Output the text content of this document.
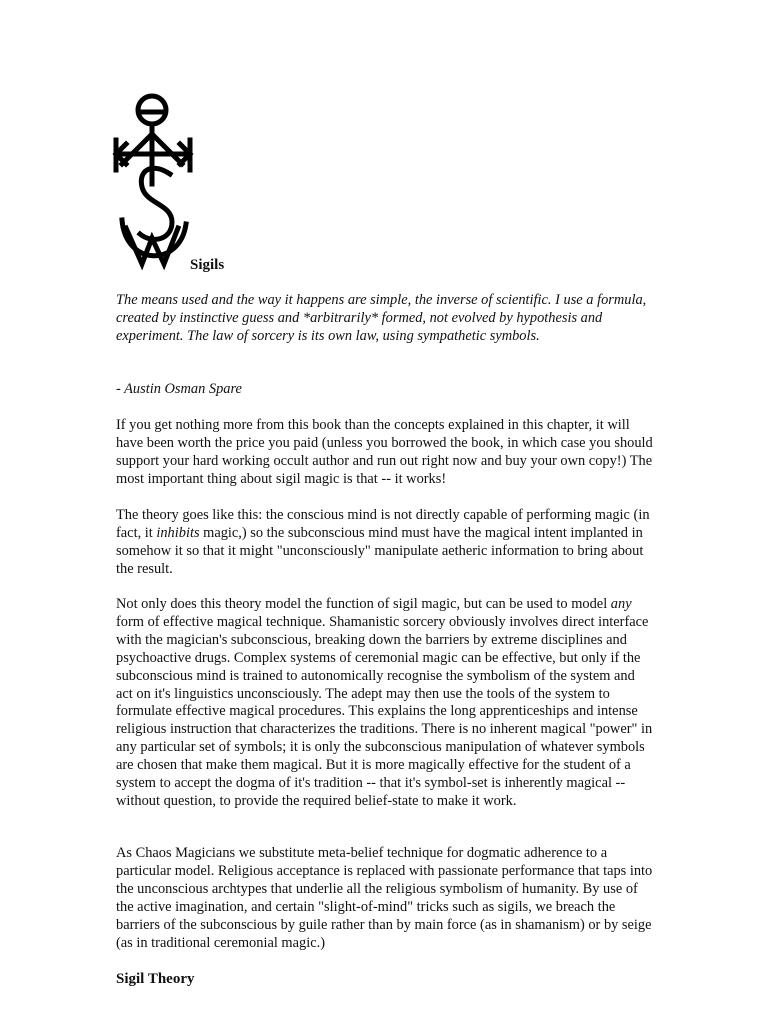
Sigils

The means used and the way it happens are simple, the inverse of scientific. I use a formula, created by instinctive guess and *arbitrarily* formed, not evolved by hypothesis and experiment. The law of sorcery is its own law, using sympathetic symbols.

- Austin Osman Spare

If you get nothing more from this book than the concepts explained in this chapter, it will have been worth the price you paid (unless you borrowed the book, in which case you should support your hard working occult author and run out right now and buy your own copy!) The most important thing about sigil magic is that -- it works!

The theory goes like this: the conscious mind is not directly capable of performing magic (in fact, it inhibits magic,) so the subconscious mind must have the magical intent implanted in somehow it so that it might "unconsciously" manipulate aetheric information to bring about the result.

Not only does this theory model the function of sigil magic, but can be used to model any form of effective magical technique. Shamanistic sorcery obviously involves direct interface with the magician's subconscious, breaking down the barriers by extreme disciplines and psychoactive drugs. Complex systems of ceremonial magic can be effective, but only if the subconscious mind is trained to autonomically recognise the symbolism of the system and act on it's linguistics unconsciously. The adept may then use the tools of the system to formulate effective magical procedures. This explains the long apprenticeships and intense religious instruction that characterizes the traditions. There is no inherent magical "power" in any particular set of symbols; it is only the subconscious manipulation of whatever symbols are chosen that make them magical. But it is more magically effective for the student of a system to accept the dogma of it's tradition -- that it's symbol-set is inherently magical -- without question, to provide the required belief-state to make it work.

As Chaos Magicians we substitute meta-belief technique for dogmatic adherence to a particular model. Religious acceptance is replaced with passionate performance that taps into the unconscious archtypes that underlie all the religious symbolism of humanity. By use of the active imagination, and certain "slight-of-mind" tricks such as sigils, we breach the barriers of the subconscious by guile rather than by main force (as in shamanism) or by seige (as in traditional ceremonial magic.)

Sigil Theory
